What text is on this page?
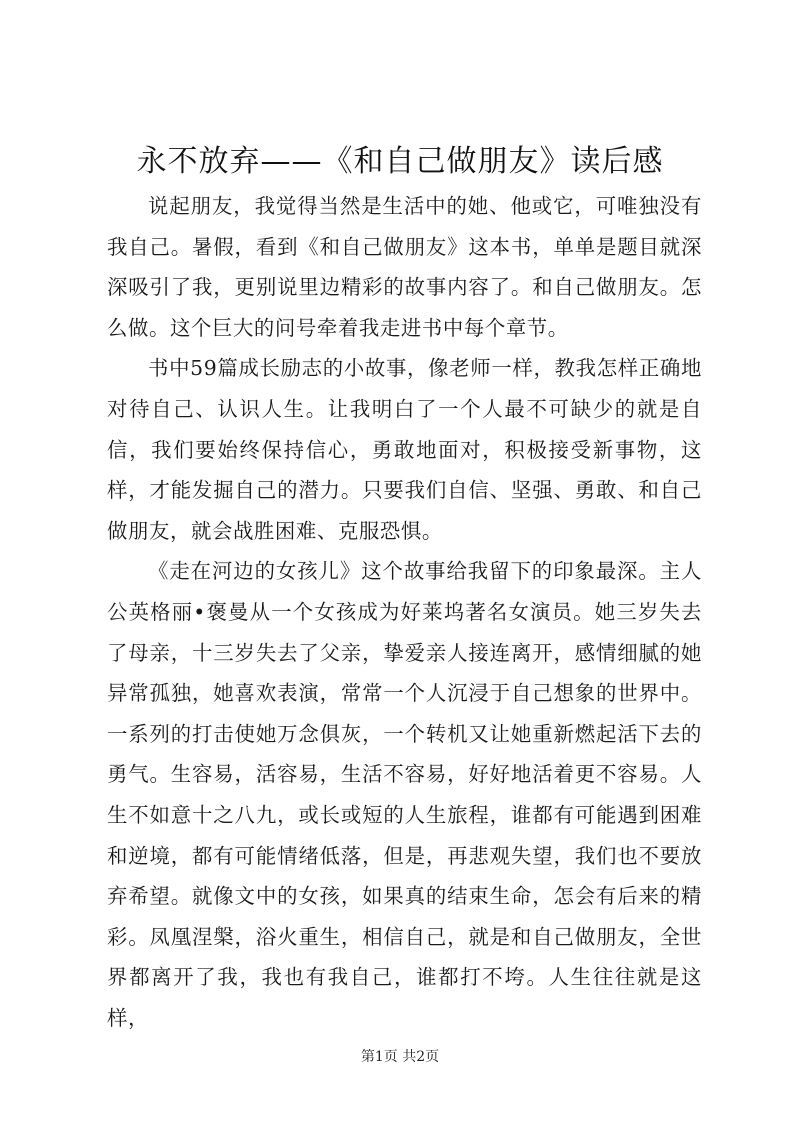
永不放弃——《和自己做朋友》读后感

说起朋友，我觉得当然是生活中的她、他或它，可唯独没有我自己。暑假，看到《和自己做朋友》这本书，单单是题目就深深吸引了我，更别说里边精彩的故事内容了。和自己做朋友。怎么做。这个巨大的问号牵着我走进书中每个章节。

书中59篇成长励志的小故事，像老师一样，教我怎样正确地对待自己、认识人生。让我明白了一个人最不可缺少的就是自信，我们要始终保持信心，勇敢地面对，积极接受新事物，这样，才能发掘自己的潜力。只要我们自信、坚强、勇敢、和自己做朋友，就会战胜困难、克服恐惧。

《走在河边的女孩儿》这个故事给我留下的印象最深。主人公英格丽•褒曼从一个女孩成为好莱坞著名女演员。她三岁失去了母亲，十三岁失去了父亲，挚爱亲人接连离开，感情细腻的她异常孤独，她喜欢表演，常常一个人沉浸于自己想象的世界中。一系列的打击使她万念俱灰，一个转机又让她重新燃起活下去的勇气。生容易，活容易，生活不容易，好好地活着更不容易。人生不如意十之八九，或长或短的人生旅程，谁都有可能遇到困难和逆境，都有可能情绪低落，但是，再悲观失望，我们也不要放弃希望。就像文中的女孩，如果真的结束生命，怎会有后来的精彩。凤凰涅槃，浴火重生，相信自己，就是和自己做朋友，全世界都离开了我，我也有我自己，谁都打不垮。人生往往就是这样，

第1页 共2页
